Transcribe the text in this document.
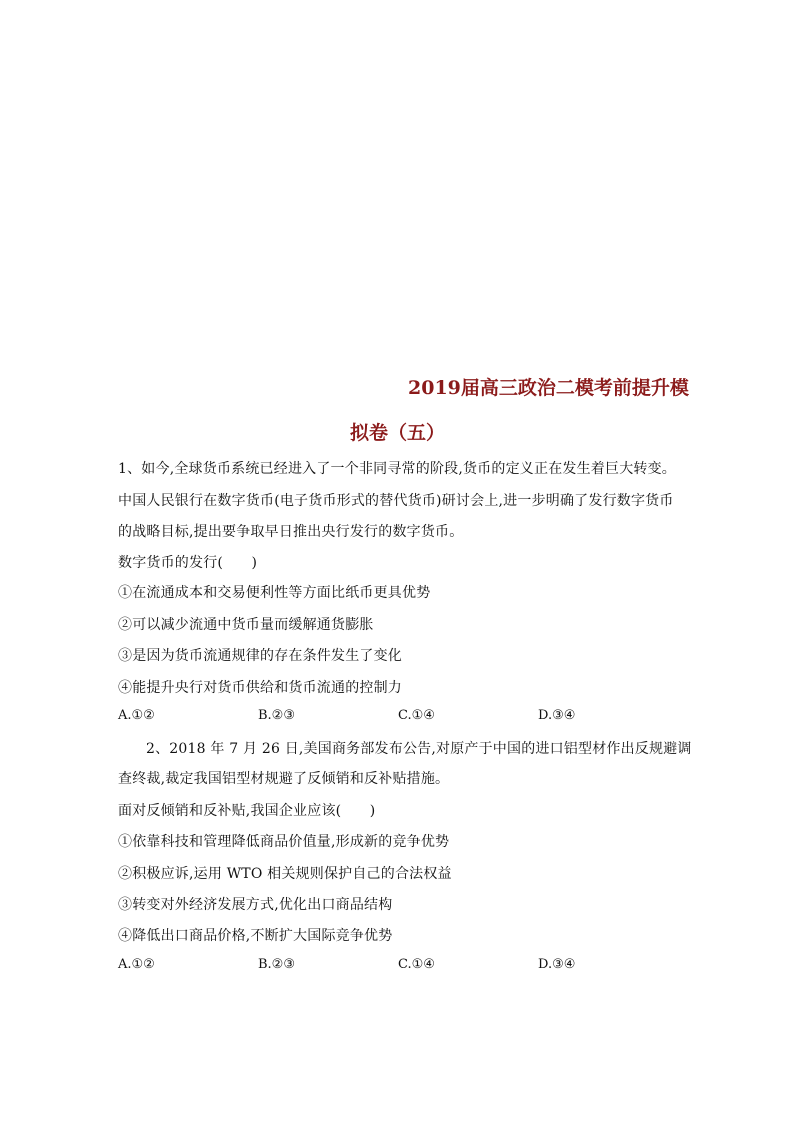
2019届高三政治二模考前提升模
拟卷（五）
1、如今,全球货币系统已经进入了一个非同寻常的阶段,货币的定义正在发生着巨大转变。
中国人民银行在数字货币(电子货币形式的替代货币)研讨会上,进一步明确了发行数字货币
的战略目标,提出要争取早日推出央行发行的数字货币。
数字货币的发行(　　)
①在流通成本和交易便利性等方面比纸币更具优势
②可以减少流通中货币量而缓解通货膨胀
③是因为货币流通规律的存在条件发生了变化
④能提升央行对货币供给和货币流通的控制力
A.①②	B.②③	C.①④	D.③④
2、2018 年 7 月 26 日,美国商务部发布公告,对原产于中国的进口铝型材作出反规避调
查终裁,裁定我国铝型材规避了反倾销和反补贴措施。
面对反倾销和反补贴,我国企业应该(　　)
①依靠科技和管理降低商品价值量,形成新的竞争优势
②积极应诉,运用 WTO 相关规则保护自己的合法权益
③转变对外经济发展方式,优化出口商品结构
④降低出口商品价格,不断扩大国际竞争优势
A.①②	B.②③	C.①④	D.③④
